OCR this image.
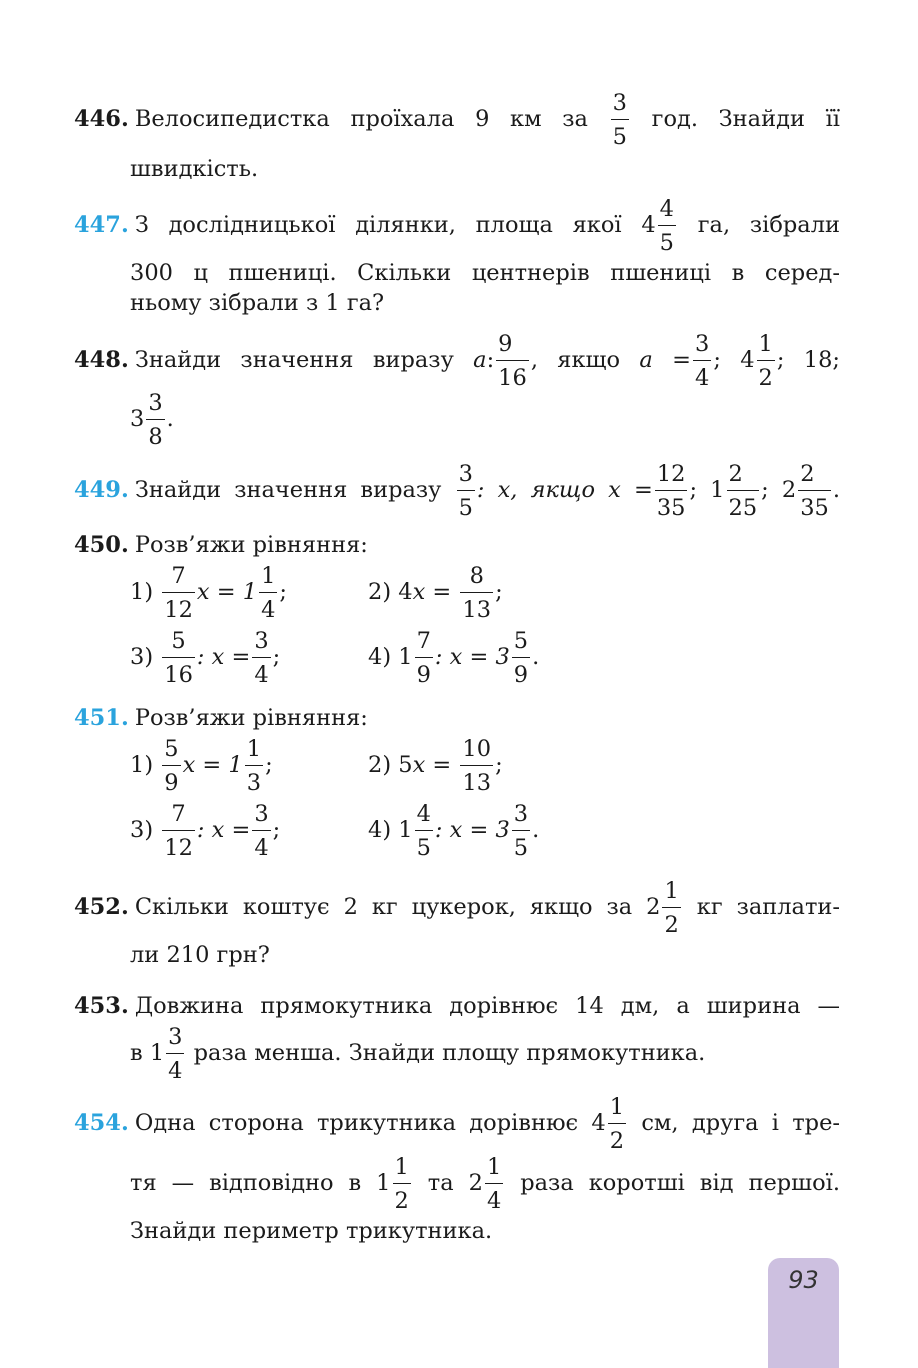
446. Велосипедистка проїхала 9 км за $\frac{3}{5}$ год. Знайди її
швидкість.
447. З дослідницької ділянки, площа якої $4 \frac{4}{5}$ га, зібрали
300 ц пшениці. Скільки центнерів пшениці в серед-
ньому зібрали з 1 га?
448. Знайди значення виразу a: $\frac{9}{16}$ , якщо $a = \frac{3}{4}$ ; $4 \frac{1}{2}$ ; 18;
$3 \frac{3}{8}$ .
449. Знайди значення виразу $\frac{3}{5}$ : x, якщо $x = \frac{12}{35}$ ; $1 \frac{2}{25}$ ; $2 \frac{2}{35}$ .
450. Розв’яжи рівняння:
$1) \frac{7}{12}$ $x = 1 \frac{1}{4}$ ;	2) $4x = \frac{8}{13}$ ;
$3) \frac{5}{16}$ : $x = \frac{3}{4}$ ;	4) $1 \frac{7}{9}$ : $x = 3 \frac{5}{9}$ .
451. Розв’яжи рівняння:
$1) \frac{5}{9}$ $x = 1 \frac{1}{3}$ ;	2) $5x = \frac{10}{13}$ ;
$3) \frac{7}{12}$ : $x = \frac{3}{4}$ ;	4) $1 \frac{4}{5}$ : $x = 3 \frac{3}{5}$ .
452. Скільки коштує 2 кг цукерок, якщо за $2 \frac{1}{2}$ кг заплати-
ли 210 грн?
453. Довжина прямокутника дорівнює 14 дм, а ширина —
в $1 \frac{3}{4}$ раза менша. Знайди площу прямокутника.
454. Одна сторона трикутника дорівнює $4 \frac{1}{2}$ см, друга і тре-
тя — відповідно в $1 \frac{1}{2}$ та $2 \frac{1}{4}$ раза коротші від першої.
Знайди периметр трикутника.
93
